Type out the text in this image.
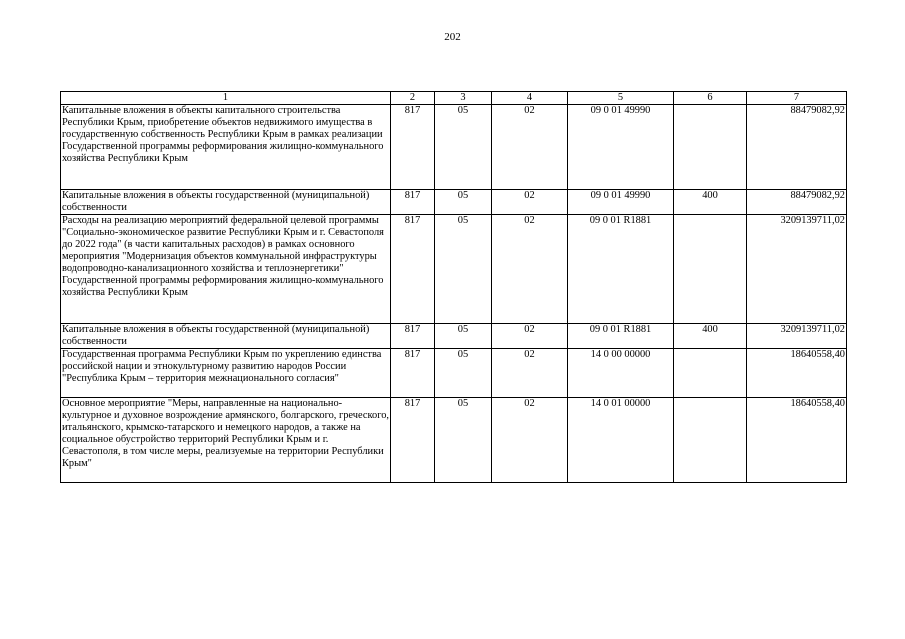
202
1	2	3	4	5	6	7
Капитальные вложения в объекты капитального строительства Республики Крым, приобретение объектов недвижимого имущества в государственную собственность Республики Крым в рамках реализации Государственной программы реформирования жилищно-коммунального хозяйства Республики Крым	817	05	02	09 0 01 49990		88479082,92
Капитальные вложения в объекты государственной (муниципальной) собственности	817	05	02	09 0 01 49990	400	88479082,92
Расходы на реализацию мероприятий федеральной целевой программы "Социально-экономическое развитие Республики Крым и г. Севастополя до 2022 года" (в части капитальных расходов) в рамках основного мероприятия "Модернизация объектов коммунальной инфраструктуры водопроводно-канализационного хозяйства и теплоэнергетики" Государственной программы реформирования жилищно-коммунального хозяйства Республики Крым	817	05	02	09 0 01 R1881		3209139711,02
Капитальные вложения в объекты государственной (муниципальной) собственности	817	05	02	09 0 01 R1881	400	3209139711,02
Государственная программа Республики Крым по укреплению единства российской нации и этнокультурному развитию народов России "Республика Крым – территория межнационального согласия"	817	05	02	14 0 00 00000		18640558,40
Основное мероприятие "Меры, направленные на национально-культурное и духовное возрождение армянского, болгарского, греческого, итальянского, крымско-татарского и немецкого народов, а также на социальное обустройство территорий Республики Крым и г. Севастополя, в том числе меры, реализуемые на территории Республики Крым"	817	05	02	14 0 01 00000		18640558,40
